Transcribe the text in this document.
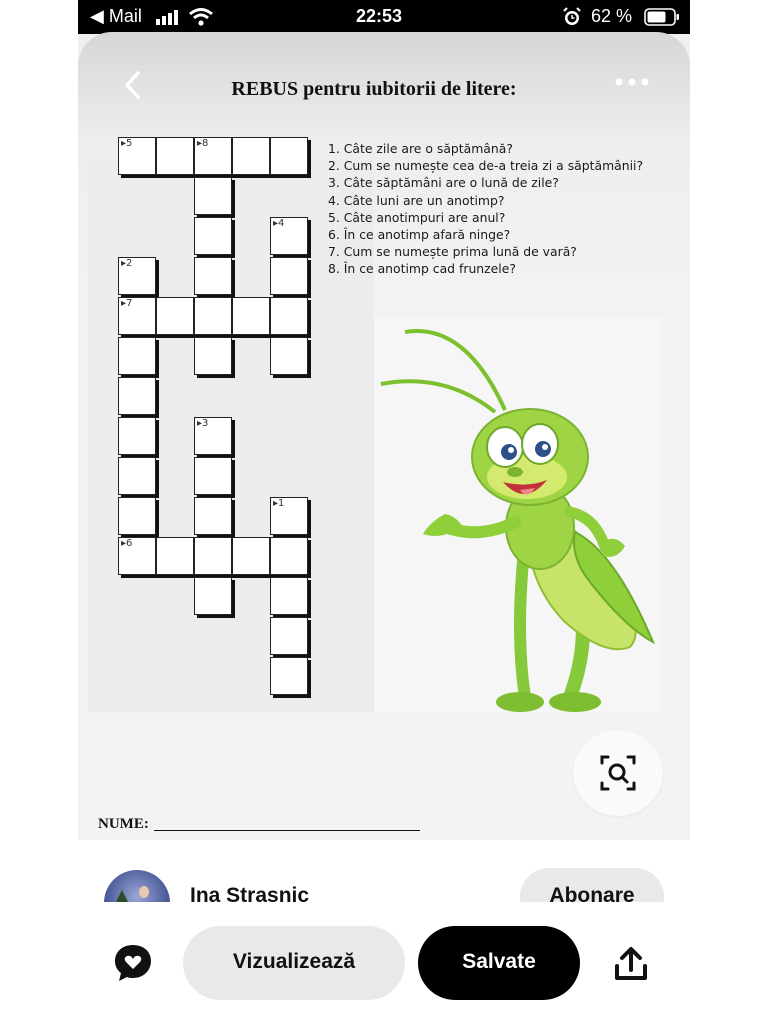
◀ Mail	22:53	62 %
REBUS pentru iubitorii de litere:
▸5	▸8
▸4
▸2
▸7
▸3
▸1
▸6
1. Câte zile are o săptămână?
2. Cum se numește cea de-a treia zi a săptămânii?
3. Câte săptămâni are o lună de zile?
4. Câte luni are un anotimp?
5. Câte anotimpuri are anul?
6. În ce anotimp afară ninge?
7. Cum se numește prima lună de vară?
8. În ce anotimp cad frunzele?
NUME:
Ina Strasnic	Abonare
Vizualizează	Salvate
